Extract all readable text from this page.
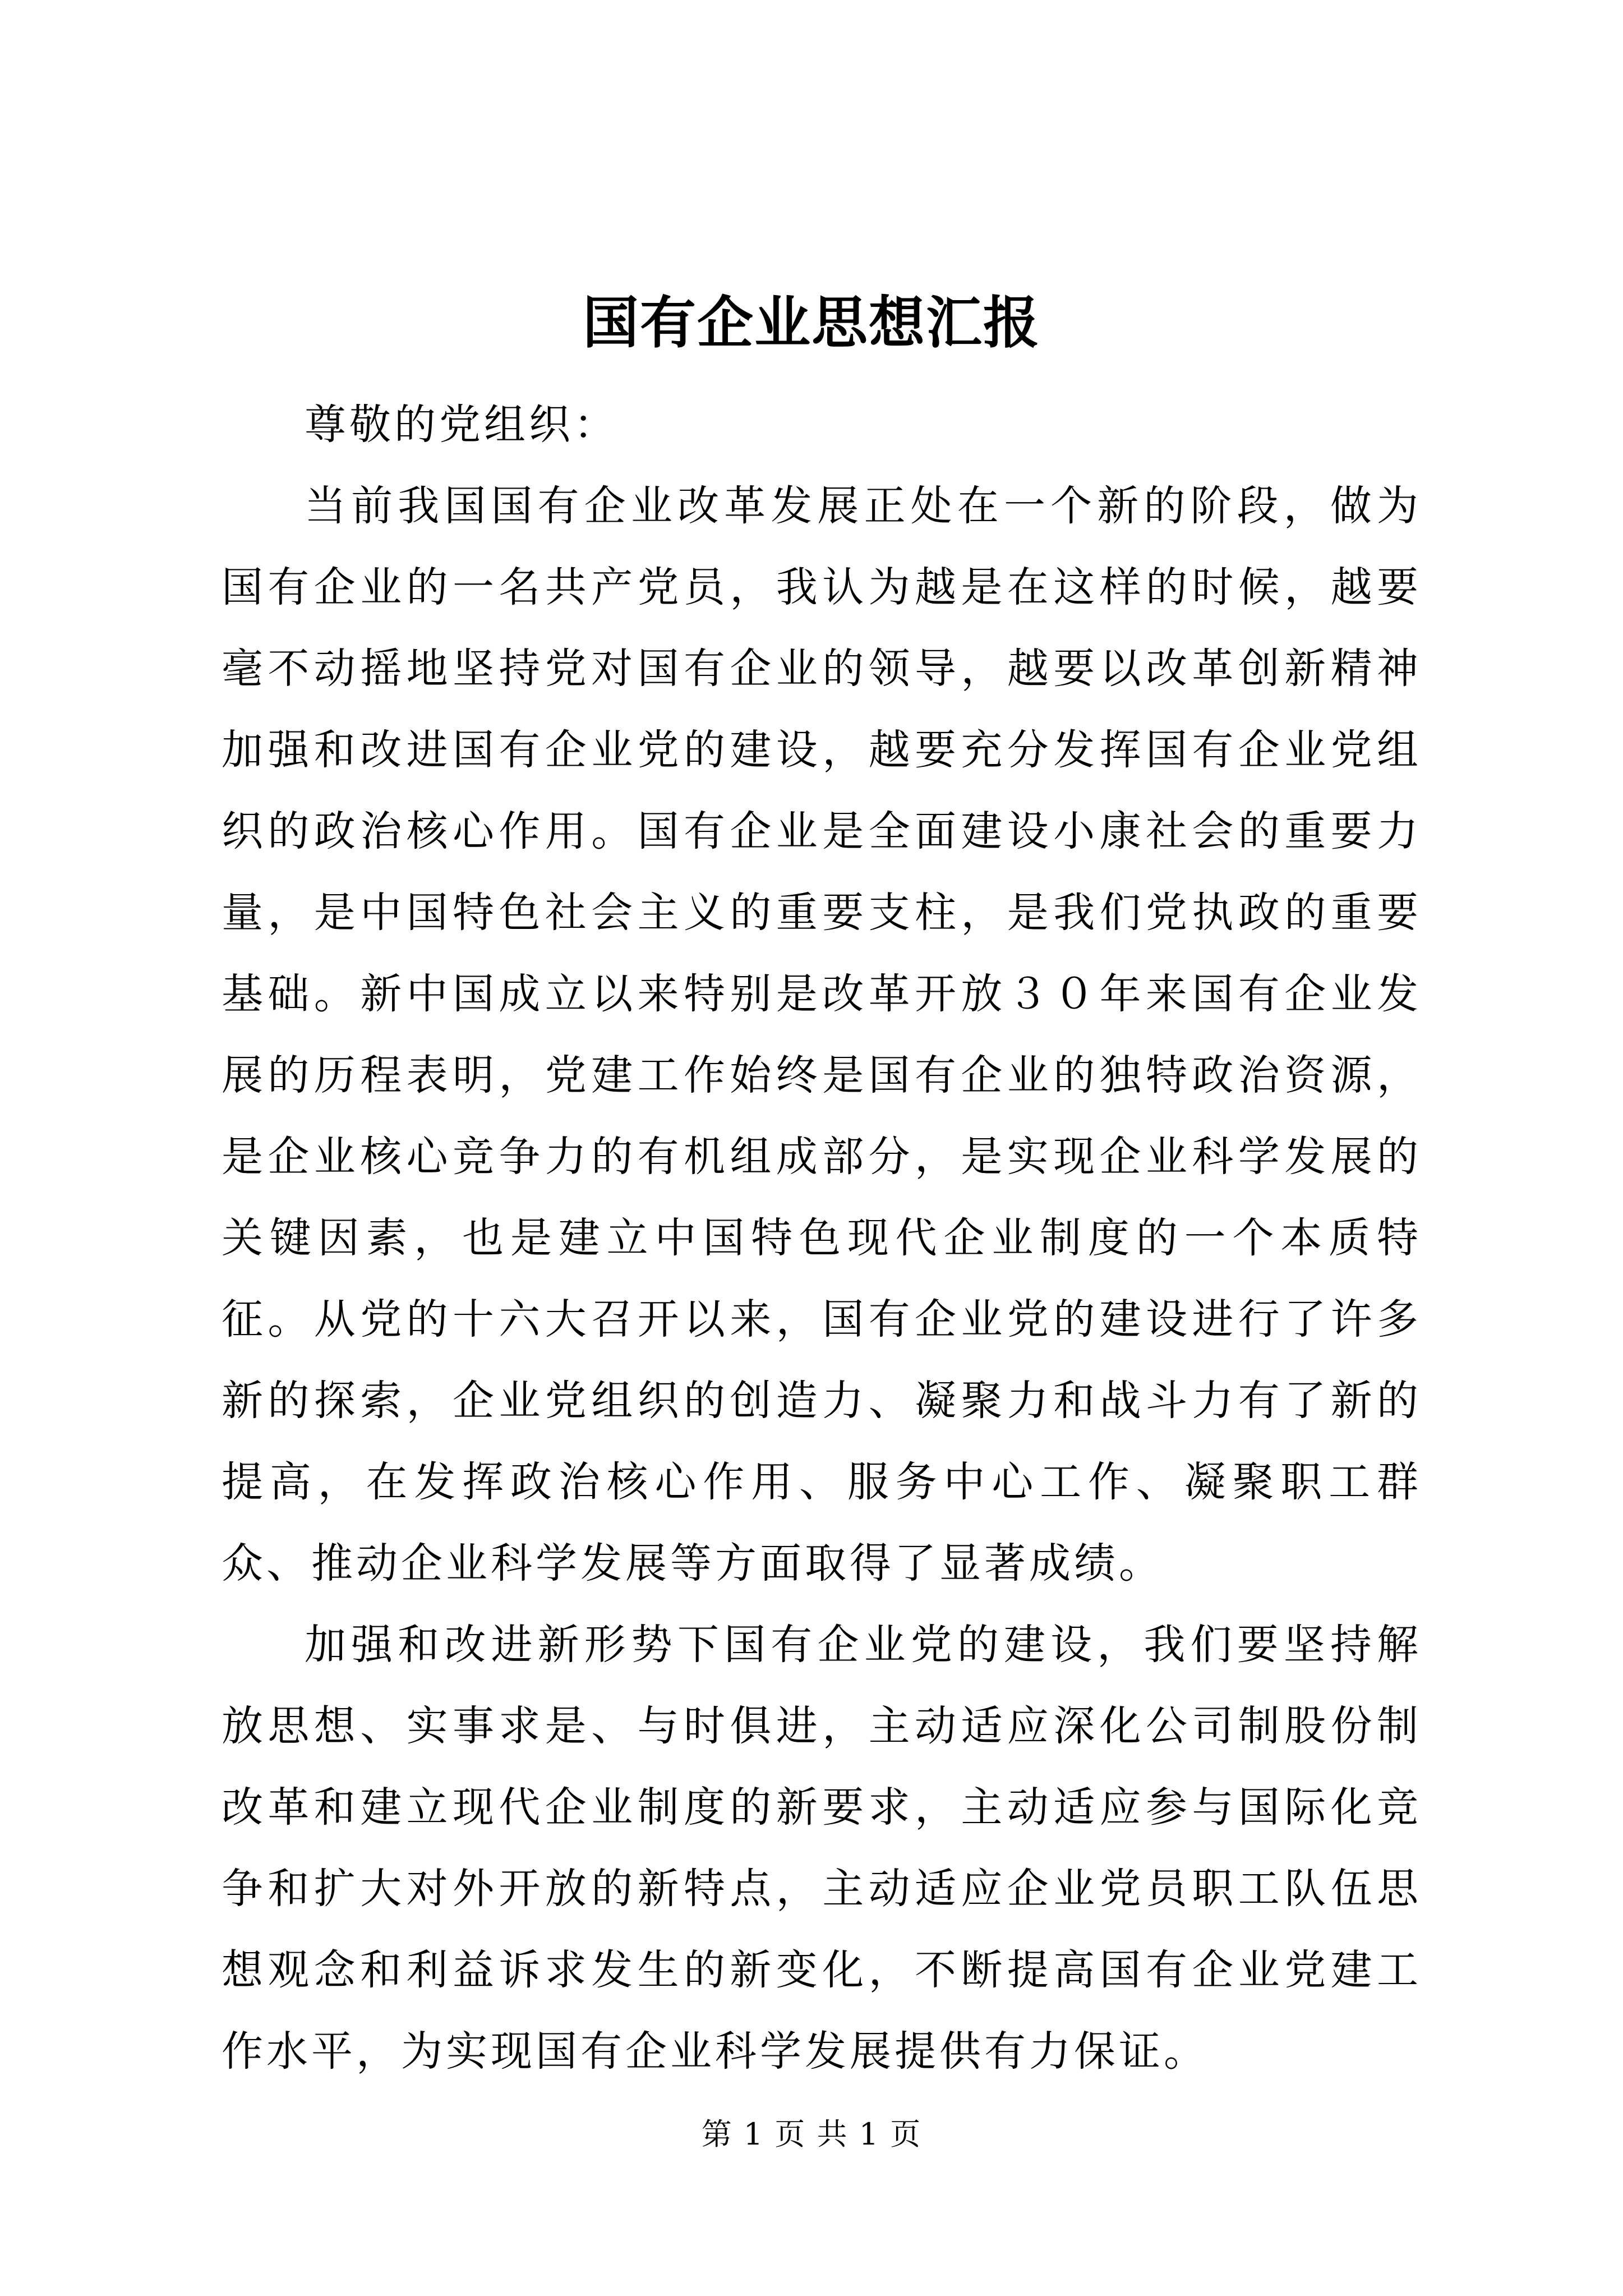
国有企业思想汇报

尊敬的党组织：

当前我国国有企业改革发展正处在一个新的阶段，做为国有企业的一名共产党员，我认为越是在这样的时候，越要毫不动摇地坚持党对国有企业的领导，越要以改革创新精神加强和改进国有企业党的建设，越要充分发挥国有企业党组织的政治核心作用。国有企业是全面建设小康社会的重要力量，是中国特色社会主义的重要支柱，是我们党执政的重要基础。新中国成立以来特别是改革开放３０年来国有企业发展的历程表明，党建工作始终是国有企业的独特政治资源，是企业核心竞争力的有机组成部分，是实现企业科学发展的关键因素，也是建立中国特色现代企业制度的一个本质特征。从党的十六大召开以来，国有企业党的建设进行了许多新的探索，企业党组织的创造力、凝聚力和战斗力有了新的提高，在发挥政治核心作用、服务中心工作、凝聚职工群众、推动企业科学发展等方面取得了显著成绩。

加强和改进新形势下国有企业党的建设，我们要坚持解放思想、实事求是、与时俱进，主动适应深化公司制股份制改革和建立现代企业制度的新要求，主动适应参与国际化竞争和扩大对外开放的新特点，主动适应企业党员职工队伍思想观念和利益诉求发生的新变化，不断提高国有企业党建工作水平，为实现国有企业科学发展提供有力保证。

第 1 页 共 1 页
